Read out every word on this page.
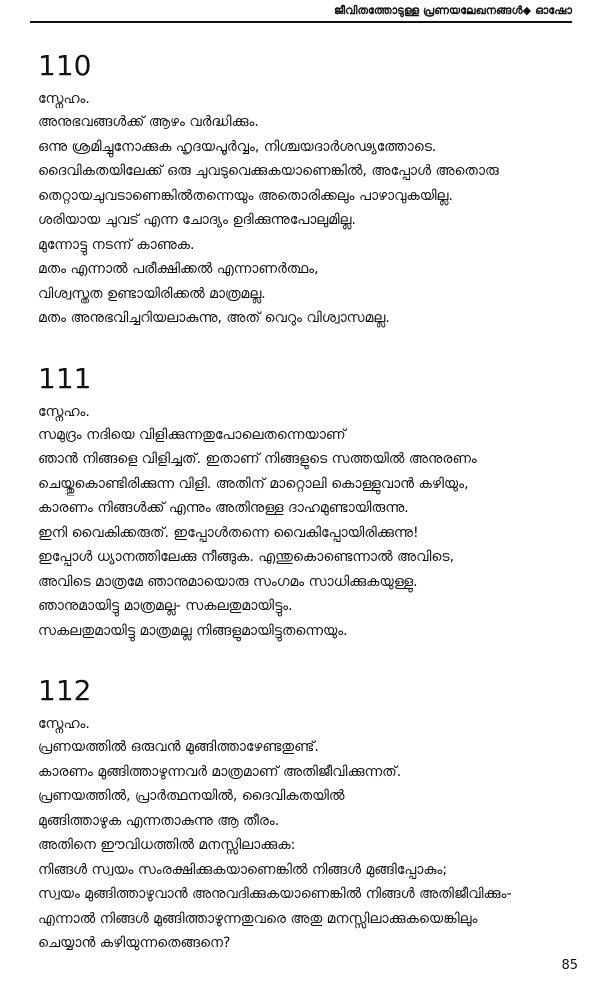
ജീവിതത്തോടുള്ള പ്രണയലേഖനങ്ങൾ◆ ഓഷോ
110
സ്നേഹം.
അനുഭവങ്ങൾക്ക് ആഴം വർദ്ധിക്കും.
ഒന്നു ശ്രമിച്ചുനോക്കുക ഹൃദയപൂർവ്വം, നിശ്ചയദാർശഢ്യത്തോടെ.
ദൈവികതയിലേക്ക് ഒരു ചുവടുവെക്കുകയാണെങ്കിൽ, അപ്പോൾ അതൊരു
തെറ്റായചുവടാണെങ്കിൽതന്നെയും അതൊരിക്കലും പാഴാവുകയില്ല.
ശരിയായ ചുവട് എന്ന ചോദ്യം ഉദിക്കുന്നുപോലുമില്ല.
മുന്നോട്ടു നടന്ന് കാണുക.
മതം എന്നാൽ പരീക്ഷിക്കൽ എന്നാണർത്ഥം,
വിശ്വസ്തത ഉണ്ടായിരിക്കൽ മാത്രമല്ല.
മതം അനുഭവിച്ചറിയലാകുന്നു, അത് വെറും വിശ്വാസമല്ല.
111
സ്നേഹം.
സമുദ്രം നദിയെ വിളിക്കുന്നതുപോലെതന്നെയാണ്
ഞാൻ നിങ്ങളെ വിളിച്ചത്. ഇതാണ് നിങ്ങളുടെ സത്തയിൽ അനുരണം
ചെയ്തുകൊണ്ടിരിക്കുന്ന വിളി. അതിന് മാറ്റൊലി കൊള്ളുവാൻ കഴിയും,
കാരണം നിങ്ങൾക്ക് എന്നും അതിനുള്ള ദാഹമുണ്ടായിരുന്നു.
ഇനി വൈകിക്കരുത്. ഇപ്പോൾതന്നെ വൈകിപ്പോയിരിക്കുന്നു!
ഇപ്പോൾ ധ്യാനത്തിലേക്കു നീങ്ങുക. എന്തുകൊണ്ടെന്നാൽ അവിടെ,
അവിടെ മാത്രമേ ഞാനുമായൊരു സംഗമം സാധിക്കുകയുള്ളു.
ഞാനുമായിട്ടു മാത്രമല്ല- സകലതുമായിട്ടും.
സകലതുമായിട്ടു മാത്രമല്ല നിങ്ങളുമായിട്ടുതന്നെയും.
112
സ്നേഹം.
പ്രണയത്തിൽ ഒരുവൻ മുങ്ങിത്താഴേണ്ടതുണ്ട്.
കാരണം മുങ്ങിത്താഴുന്നവർ മാത്രമാണ് അതിജീവിക്കുന്നത്.
പ്രണയത്തിൽ, പ്രാർത്ഥനയിൽ, ദൈവികതയിൽ
മുങ്ങിത്താഴുക എന്നതാകുന്നു ആ തീരം.
അതിനെ ഈവിധത്തിൽ മനസ്സിലാക്കുക:
നിങ്ങൾ സ്വയം സംരക്ഷിക്കുകയാണെങ്കിൽ നിങ്ങൾ മുങ്ങിപ്പോകും;
സ്വയം മുങ്ങിത്താഴുവാൻ അനുവദിക്കുകയാണെങ്കിൽ നിങ്ങൾ അതിജീവിക്കും-
എന്നാൽ നിങ്ങൾ മുങ്ങിത്താഴുന്നതുവരെ അതു മനസ്സിലാക്കുകയെങ്കിലും
ചെയ്യാൻ കഴിയുന്നതെങ്ങനെ?
85
